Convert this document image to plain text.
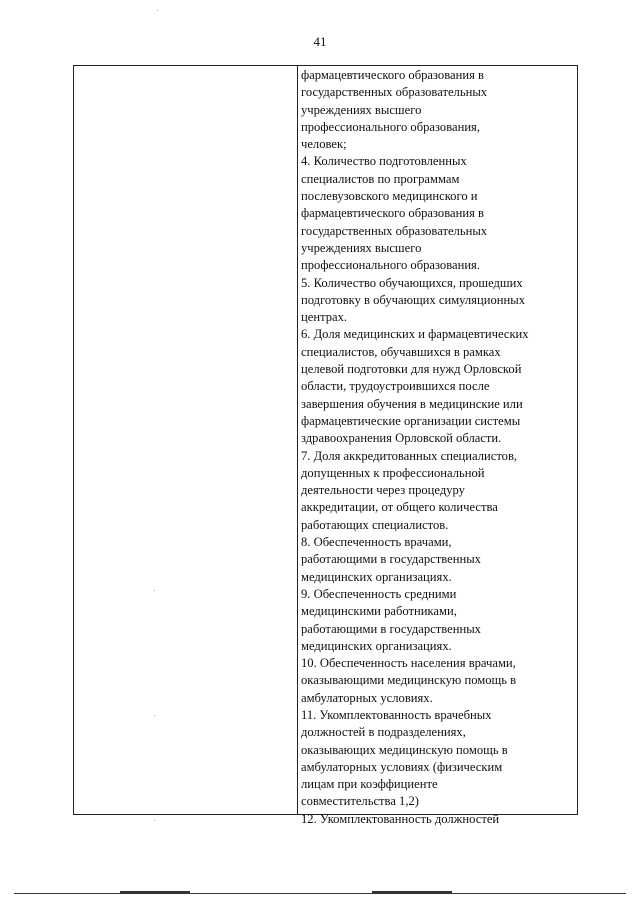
41
фармацевтического образования в
государственных образовательных
учреждениях высшего
профессионального образования,
человек;
4. Количество подготовленных
специалистов по программам
послевузовского медицинского и
фармацевтического образования в
государственных образовательных
учреждениях высшего
профессионального образования.
5. Количество обучающихся, прошедших
подготовку в обучающих симуляционных
центрах.
6. Доля медицинских и фармацевтических
специалистов, обучавшихся в рамках
целевой подготовки для нужд Орловской
области, трудоустроившихся после
завершения обучения в медицинские или
фармацевтические организации системы
здравоохранения Орловской области.
7. Доля аккредитованных специалистов,
допущенных к профессиональной
деятельности через процедуру
аккредитации, от общего количества
работающих специалистов.
8. Обеспеченность врачами,
работающими в государственных
медицинских организациях.
9. Обеспеченность средними
медицинскими работниками,
работающими в государственных
медицинских организациях.
10. Обеспеченность населения врачами,
оказывающими медицинскую помощь в
амбулаторных условиях.
11. Укомплектованность врачебных
должностей в подразделениях,
оказывающих медицинскую помощь в
амбулаторных условиях (физическим
лицам при коэффициенте
совместительства 1,2)
12. Укомплектованность должностей
